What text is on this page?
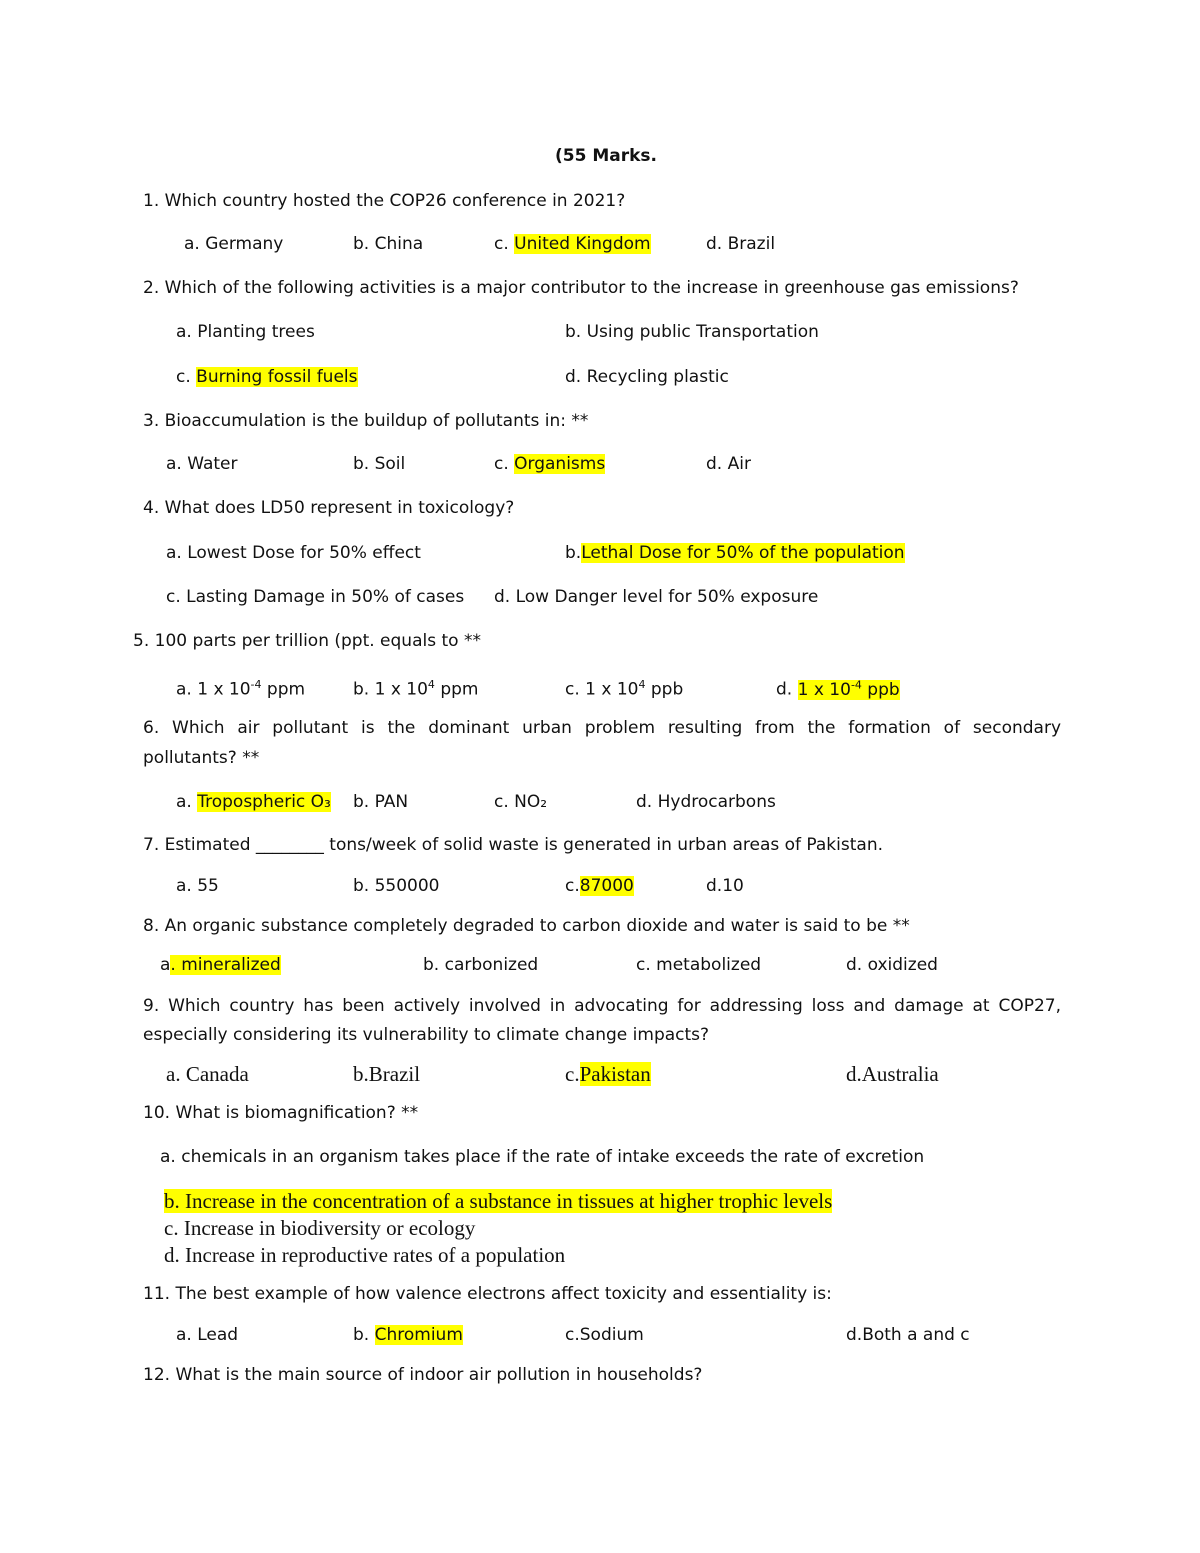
(55 Marks.
1. Which country hosted the COP26 conference in 2021?
a. Germany	b. China	c. United Kingdom	d. Brazil
2. Which of the following activities is a major contributor to the increase in greenhouse gas emissions?
a. Planting trees	b. Using public Transportation
c. Burning fossil fuels	d. Recycling plastic
3. Bioaccumulation is the buildup of pollutants in: **
a. Water	b. Soil	c. Organisms	d. Air
4. What does LD50 represent in toxicology?
a. Lowest Dose for 50% effect	b.Lethal Dose for 50% of the population
c. Lasting Damage in 50% of cases d. Low Danger level for 50% exposure
5. 100 parts per trillion (ppt. equals to **
a. 1 x $10^{-4}$ ppm	b. 1 x $10^4$ ppm	c. 1 x $10^4$ ppb	d. 1 x $10^{-4}$ ppb
6. Which air pollutant is the dominant urban problem resulting from the formation of secondary
pollutants? **
a. Tropospheric O₃ b. PAN	c. NO₂	d. Hydrocarbons
7. Estimated ________ tons/week of solid waste is generated in urban areas of Pakistan.
a. 55	b. 550000	c.87000	d.10
8. An organic substance completely degraded to carbon dioxide and water is said to be **
a. mineralized	b. carbonized	c. metabolized	d. oxidized
9. Which country has been actively involved in advocating for addressing loss and damage at COP27,
especially considering its vulnerability to climate change impacts?
a. Canada	b.Brazil	c.Pakistan	d.Australia
10. What is biomagnification? **
a. chemicals in an organism takes place if the rate of intake exceeds the rate of excretion
b. Increase in the concentration of a substance in tissues at higher trophic levels
c. Increase in biodiversity or ecology
d. Increase in reproductive rates of a population
11. The best example of how valence electrons affect toxicity and essentiality is:
a. Lead	b. Chromium	c.Sodium	d.Both a and c
12. What is the main source of indoor air pollution in households?
